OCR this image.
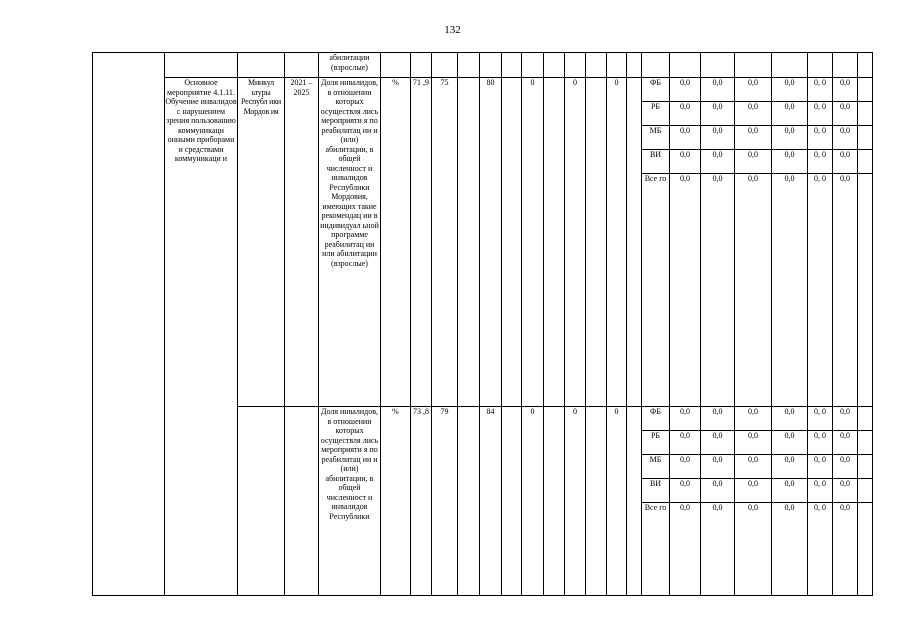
132
				абилитации (взрослые)																				
	Основное мероприятие 4.1.11. Обучение инвалидов с нарушением зрения пользованию коммуникаци онными приборами и средствами коммуникаци и	Минкул ьтуры Республ ики Мордов ия	2021 – 2025	Доля инвалидов, в отношении которых осуществля лись мероприяти я по реабилитац ии и (или) абилитации, в общей численност и инвалидов Республики Мордовия, имеющих такие рекомендац ии в индивидуал ьной программе реабилитац ии или абилитации (взрослые)	%	71 ,9	75		80		0		0		0		ФБ	0,0	0,0	0,0	0,0	0, 0	0,0	
																	РБ	0,0	0,0	0,0	0,0	0, 0	0,0	
																	МБ	0,0	0,0	0,0	0,0	0, 0	0,0	
																	ВИ	0,0	0,0	0,0	0,0	0, 0	0,0	
																	Все го	0,0	0,0	0,0	0,0	0, 0	0,0	
				Доля инвалидов, в отношении которых осуществля лись мероприяти я по реабилитац ии и (или) абилитации, в общей численност и инвалидов Республики	%	73 ,8	79		84		0		0		0		ФБ	0,0	0,0	0,0	0,0	0, 0	0,0	
																	РБ	0,0	0,0	0,0	0,0	0, 0	0,0	
																	МБ	0,0	0,0	0,0	0,0	0, 0	0,0	
																	ВИ	0,0	0,0	0,0	0,0	0, 0	0,0	
																	Все го	0,0	0,0	0,0	0,0	0, 0	0,0	
